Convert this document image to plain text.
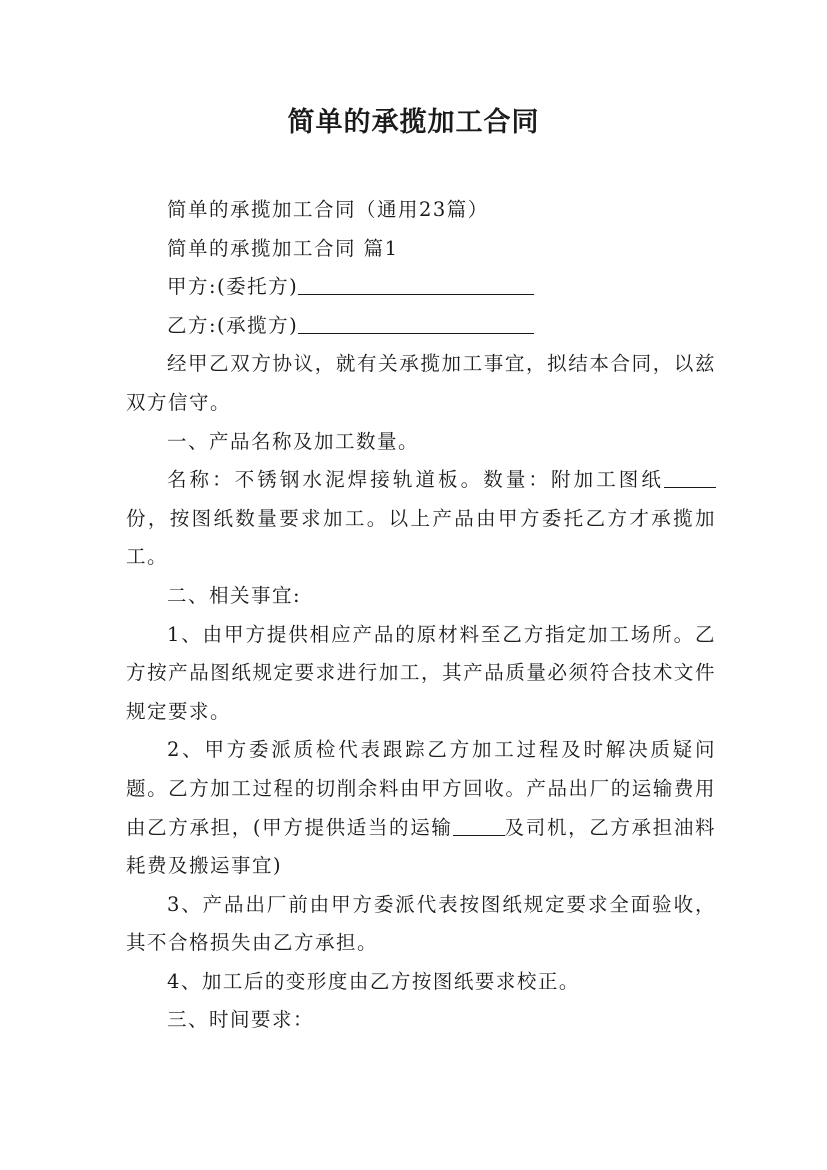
简单的承揽加工合同

简单的承揽加工合同（通用23篇）

简单的承揽加工合同 篇1

甲方:(委托方)

乙方:(承揽方)

经甲乙双方协议，就有关承揽加工事宜，拟结本合同，以兹双方信守。

一、产品名称及加工数量。

名称：不锈钢水泥焊接轨道板。数量：附加工图纸份，按图纸数量要求加工。以上产品由甲方委托乙方才承揽加工。

二、相关事宜:

1、由甲方提供相应产品的原材料至乙方指定加工场所。乙方按产品图纸规定要求进行加工，其产品质量必须符合技术文件规定要求。

2、甲方委派质检代表跟踪乙方加工过程及时解决质疑问题。乙方加工过程的切削余料由甲方回收。产品出厂的运输费用由乙方承担，(甲方提供适当的运输	及司机，乙方承担油料耗费及搬运事宜)

3、产品出厂前由甲方委派代表按图纸规定要求全面验收，其不合格损失由乙方承担。

4、加工后的变形度由乙方按图纸要求校正。

三、时间要求：
